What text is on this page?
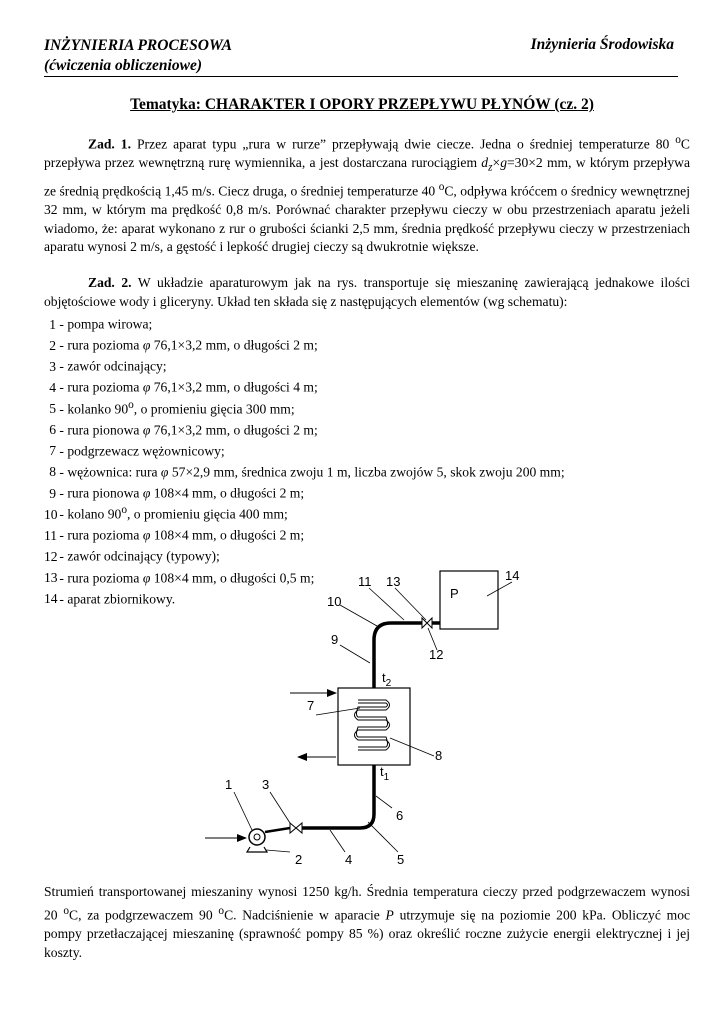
INŻYNIERIA PROCESOWA
(ćwiczenia obliczeniowe)
Inżynieria Środowiska
Tematyka: CHARAKTER I OPORY PRZEPŁYWU PŁYNÓW (cz. 2)
Zad. 1. Przez aparat typu „rura w rurze” przepływają dwie ciecze. Jedna o średniej temperaturze 80 $^o$C przepływa przez wewnętrzną rurę wymiennika, a jest dostarczana rurociągiem $d_z\times g=30\times 2$ mm, w którym przepływa ze średnią prędkością 1,45 m/s. Ciecz druga, o średniej temperaturze 40 $^o$C, odpływa króćcem o średnicy wewnętrznej 32 mm, w którym ma prędkość 0,8 m/s. Porównać charakter przepływu cieczy w obu przestrzeniach aparatu jeżeli wiadomo, że: aparat wykonano z rur o grubości ścianki 2,5 mm, średnia prędkość przepływu cieczy w przestrzeniach aparatu wynosi 2 m/s, a gęstość i lepkość drugiej cieczy są dwukrotnie większe.
Zad. 2. W układzie aparaturowym jak na rys. transportuje się mieszaninę zawierającą jednakowe ilości objętościowe wody i gliceryny. Układ ten składa się z następujących elementów (wg schematu):
1 - pompa wirowa;
2 - rura pozioma φ 76,1×3,2 mm, o długości 2 m;
3 - zawór odcinający;
4 - rura pozioma φ 76,1×3,2 mm, o długości 4 m;
5 - kolanko 90$^o$, o promieniu gięcia 300 mm;
6 - rura pionowa φ 76,1×3,2 mm, o długości 2 m;
7 - podgrzewacz wężownicowy;
8 - wężownica: rura φ 57×2,9 mm, średnica zwoju 1 m, liczba zwojów 5, skok zwoju 200 mm;
9 - rura pionowa φ 108×4 mm, o długości 2 m;
10 - kolano 90$^o$, o promieniu gięcia 400 mm;
11 - rura pozioma φ 108×4 mm, o długości 2 m;
12 - zawór odcinający (typowy);
13 - rura pozioma φ 108×4 mm, o długości 0,5 m;
14 - aparat zbiornikowy.	P
1
2
3
4	5
6
7
8
9
10
11
12
13	14
$t_2$
$t_1$
Strumień transportowanej mieszaniny wynosi 1250 kg/h. Średnia temperatura cieczy przed podgrzewaczem wynosi 20 $^o$C, za podgrzewaczem 90 $^o$C. Nadciśnienie w aparacie P utrzymuje się na poziomie 200 kPa. Obliczyć moc pompy przetłaczającej mieszaninę (sprawność pompy 85 %) oraz określić roczne zużycie energii elektrycznej i jej koszty.
